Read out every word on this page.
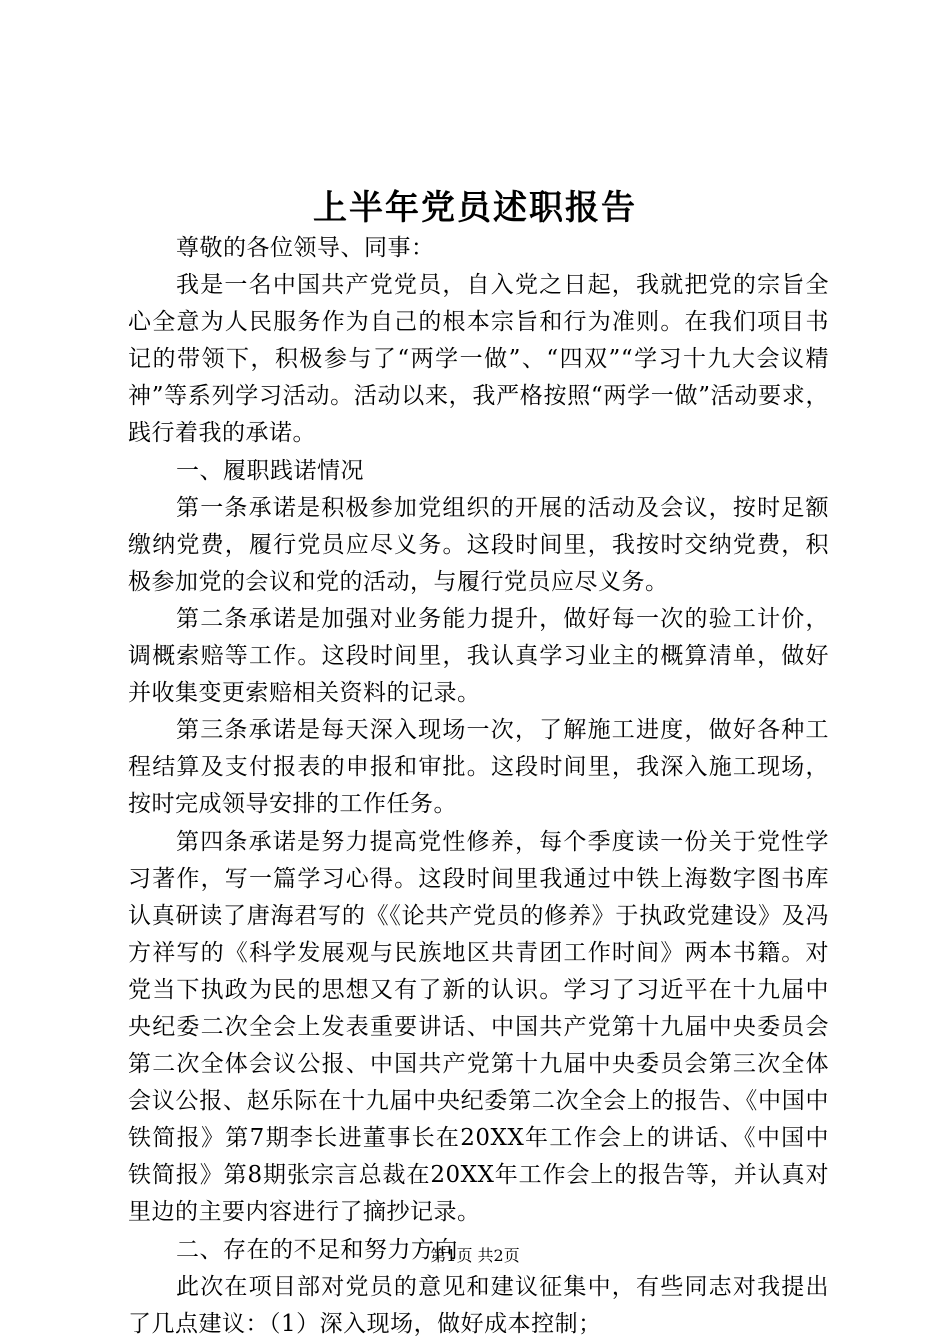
上半年党员述职报告

尊敬的各位领导、同事：

我是一名中国共产党党员，自入党之日起，我就把党的宗旨全心全意为人民服务作为自己的根本宗旨和行为准则。在我们项目书记的带领下，积极参与了“两学一做”、“四双”“学习十九大会议精神”等系列学习活动。活动以来，我严格按照“两学一做”活动要求，践行着我的承诺。

一、履职践诺情况

第一条承诺是积极参加党组织的开展的活动及会议，按时足额缴纳党费，履行党员应尽义务。这段时间里，我按时交纳党费，积极参加党的会议和党的活动，与履行党员应尽义务。

第二条承诺是加强对业务能力提升，做好每一次的验工计价，调概索赔等工作。这段时间里，我认真学习业主的概算清单，做好并收集变更索赔相关资料的记录。

第三条承诺是每天深入现场一次，了解施工进度，做好各种工程结算及支付报表的申报和审批。这段时间里，我深入施工现场，按时完成领导安排的工作任务。

第四条承诺是努力提高党性修养，每个季度读一份关于党性学习著作，写一篇学习心得。这段时间里我通过中铁上海数字图书库认真研读了唐海君写的《《论共产党员的修养》于执政党建设》及冯方祥写的《科学发展观与民族地区共青团工作时间》两本书籍。对党当下执政为民的思想又有了新的认识。学习了习近平在十九届中央纪委二次全会上发表重要讲话、中国共产党第十九届中央委员会第二次全体会议公报、中国共产党第十九届中央委员会第三次全体会议公报、赵乐际在十九届中央纪委第二次全会上的报告、《中国中铁简报》第7期李长进董事长在20XX年工作会上的讲话、《中国中铁简报》第8期张宗言总裁在20XX年工作会上的报告等，并认真对里边的主要内容进行了摘抄记录。

二、存在的不足和努力方向

此次在项目部对党员的意见和建议征集中，有些同志对我提出了几点建议：（1）深入现场，做好成本控制；

第1页 共2页
